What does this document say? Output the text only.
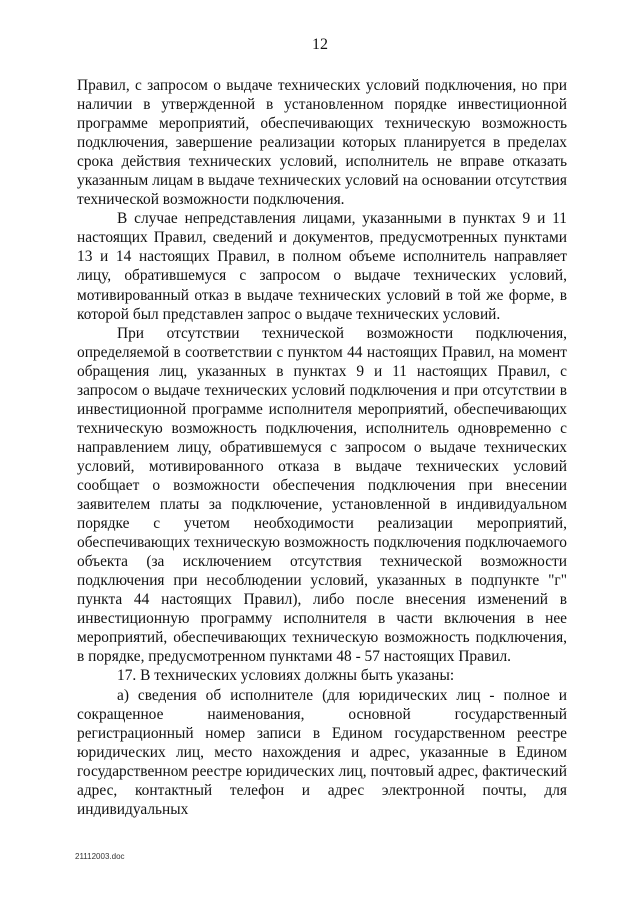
12

Правил, с запросом о выдаче технических условий подключения, но при наличии в утвержденной в установленном порядке инвестиционной программе мероприятий, обеспечивающих техническую возможность подключения, завершение реализации которых планируется в пределах срока действия технических условий, исполнитель не вправе отказать указанным лицам в выдаче технических условий на основании отсутствия технической возможности подключения.

В случае непредставления лицами, указанными в пунктах 9 и 11 настоящих Правил, сведений и документов, предусмотренных пунктами 13 и 14 настоящих Правил, в полном объеме исполнитель направляет лицу, обратившемуся с запросом о выдаче технических условий, мотивированный отказ в выдаче технических условий в той же форме, в которой был представлен запрос о выдаче технических условий.

При отсутствии технической возможности подключения, определяемой в соответствии с пунктом 44 настоящих Правил, на момент обращения лиц, указанных в пунктах 9 и 11 настоящих Правил, с запросом о выдаче технических условий подключения и при отсутствии в инвестиционной программе исполнителя мероприятий, обеспечивающих техническую возможность подключения, исполнитель одновременно с направлением лицу, обратившемуся с запросом о выдаче технических условий, мотивированного отказа в выдаче технических условий сообщает о возможности обеспечения подключения при внесении заявителем платы за подключение, установленной в индивидуальном порядке с учетом необходимости реализации мероприятий, обеспечивающих техническую возможность подключения подключаемого объекта (за исключением отсутствия технической возможности подключения при несоблюдении условий, указанных в подпункте "г" пункта 44 настоящих Правил), либо после внесения изменений в инвестиционную программу исполнителя в части включения в нее мероприятий, обеспечивающих техническую возможность подключения, в порядке, предусмотренном пунктами 48 - 57 настоящих Правил.

17. В технических условиях должны быть указаны:

а) сведения об исполнителе (для юридических лиц - полное и сокращенное наименования, основной государственный регистрационный номер записи в Едином государственном реестре юридических лиц, место нахождения и адрес, указанные в Едином государственном реестре юридических лиц, почтовый адрес, фактический адрес, контактный телефон и адрес электронной почты, для индивидуальных

21112003.doc
